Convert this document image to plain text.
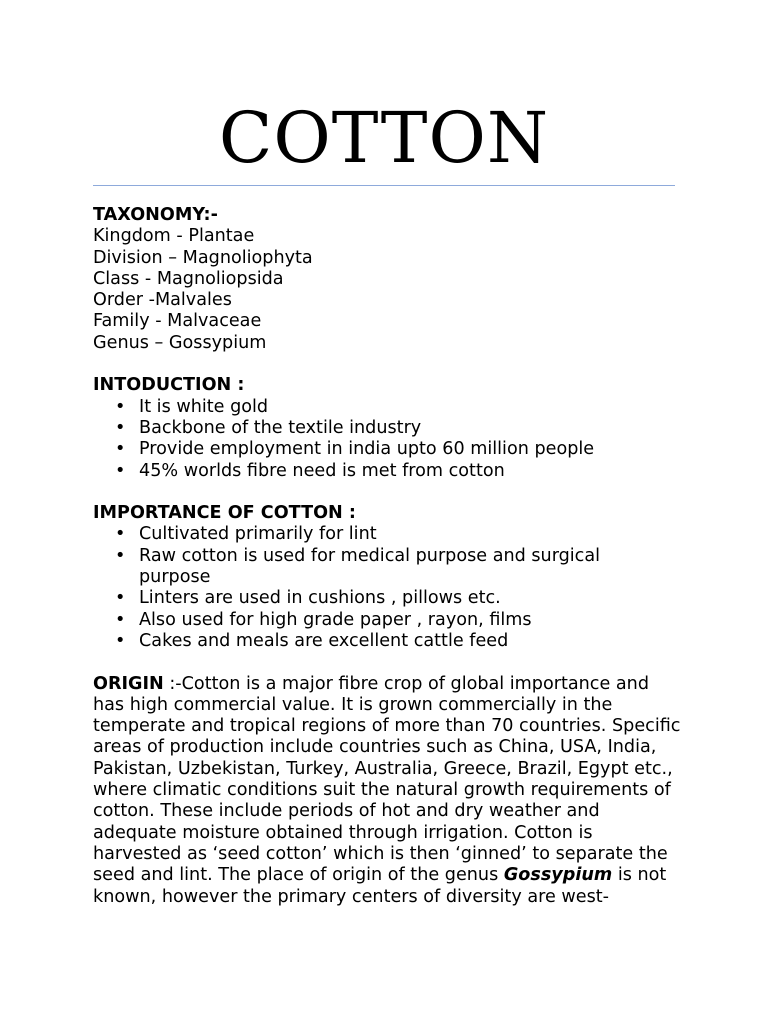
COTTON

TAXONOMY:-

Kingdom - Plantae

Division – Magnoliophyta

Class - Magnoliopsida

Order -Malvales

Family - Malvaceae

Genus – Gossypium

INTODUCTION :

• It is white gold
• Backbone of the textile industry
• Provide employment in india upto 60 million people
• 45% worlds fibre need is met from cotton

IMPORTANCE OF COTTON :

• Cultivated primarily for lint
• Raw cotton is used for medical purpose and surgical purpose
• Linters are used in cushions , pillows etc.
• Also used for high grade paper , rayon, films
• Cakes and meals are excellent cattle feed

ORIGIN :-Cotton is a major fibre crop of global importance and has high commercial value. It is grown commercially in the temperate and tropical regions of more than 70 countries. Specific areas of production include countries such as China, USA, India, Pakistan, Uzbekistan, Turkey, Australia, Greece, Brazil, Egypt etc., where climatic conditions suit the natural growth requirements of cotton. These include periods of hot and dry weather and adequate moisture obtained through irrigation. Cotton is harvested as ‘seed cotton’ which is then ‘ginned’ to separate the seed and lint. The place of origin of the genus Gossypium is not known, however the primary centers of diversity are west-
